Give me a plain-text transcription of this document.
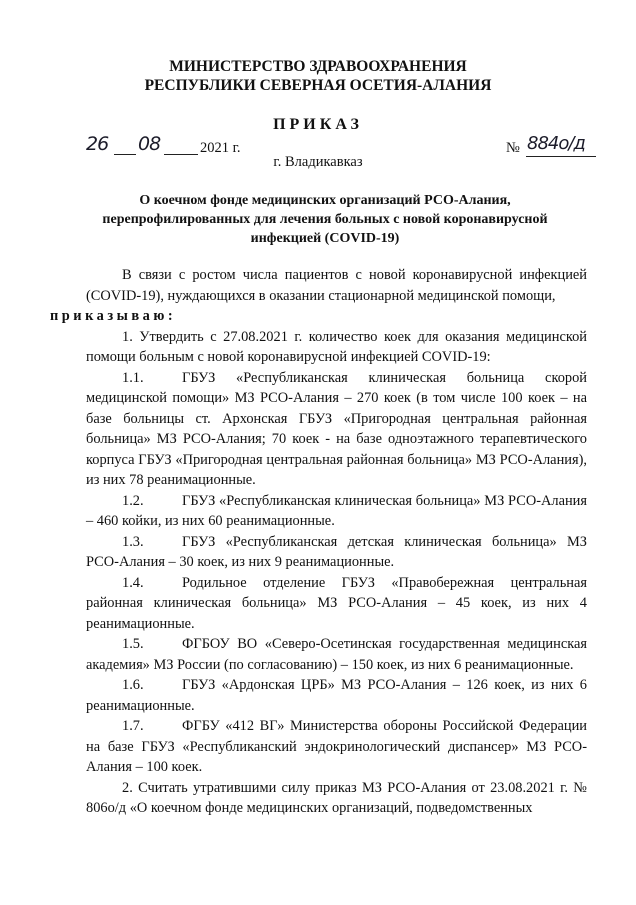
МИНИСТЕРСТВО ЗДРАВООХРАНЕНИЯ
РЕСПУБЛИКИ СЕВЕРНАЯ ОСЕТИЯ-АЛАНИЯ
ПРИКАЗ
26 08	2021 г.	№ 884о/д
г. Владикавказ
О коечном фонде медицинских организаций РСО-Алания,
перепрофилированных для лечения больных с новой коронавирусной
инфекцией (COVID-19)

В связи с ростом числа пациентов с новой коронавирусной инфекцией (COVID-19), нуждающихся в оказании стационарной медицинской помощи,
приказываю:

1. Утвердить с 27.08.2021 г. количество коек для оказания медицинской помощи больным с новой коронавирусной инфекцией COVID-19:

1.1.	ГБУЗ «Республиканская клиническая больница скорой медицинской помощи» МЗ РСО-Алания – 270 коек (в том числе 100 коек – на базе больницы ст. Архонская ГБУЗ «Пригородная центральная районная больница» МЗ РСО-Алания; 70 коек - на базе одноэтажного терапевтического корпуса ГБУЗ «Пригородная центральная районная больница» МЗ РСО-Алания), из них 78 реанимационные.

1.2.	ГБУЗ «Республиканская клиническая больница» МЗ РСО-Алания – 460 койки, из них 60 реанимационные.

1.3.	ГБУЗ «Республиканская детская клиническая больница» МЗ РСО-Алания – 30 коек, из них 9 реанимационные.

1.4.	Родильное отделение ГБУЗ «Правобережная центральная районная клиническая больница» МЗ РСО-Алания – 45 коек, из них 4 реанимационные.

1.5.	ФГБОУ ВО «Северо-Осетинская государственная медицинская академия» МЗ России (по согласованию) – 150 коек, из них 6 реанимационные.

1.6.	ГБУЗ «Ардонская ЦРБ» МЗ РСО-Алания – 126 коек, из них 6 реанимационные.

1.7.	ФГБУ «412 ВГ» Министерства обороны Российской Федерации на базе ГБУЗ «Республиканский эндокринологический диспансер» МЗ РСО-Алания – 100 коек.

2. Считать утратившими силу приказ МЗ РСО-Алания от 23.08.2021 г. № 806о/д «О коечном фонде медицинских организаций, подведомственных
